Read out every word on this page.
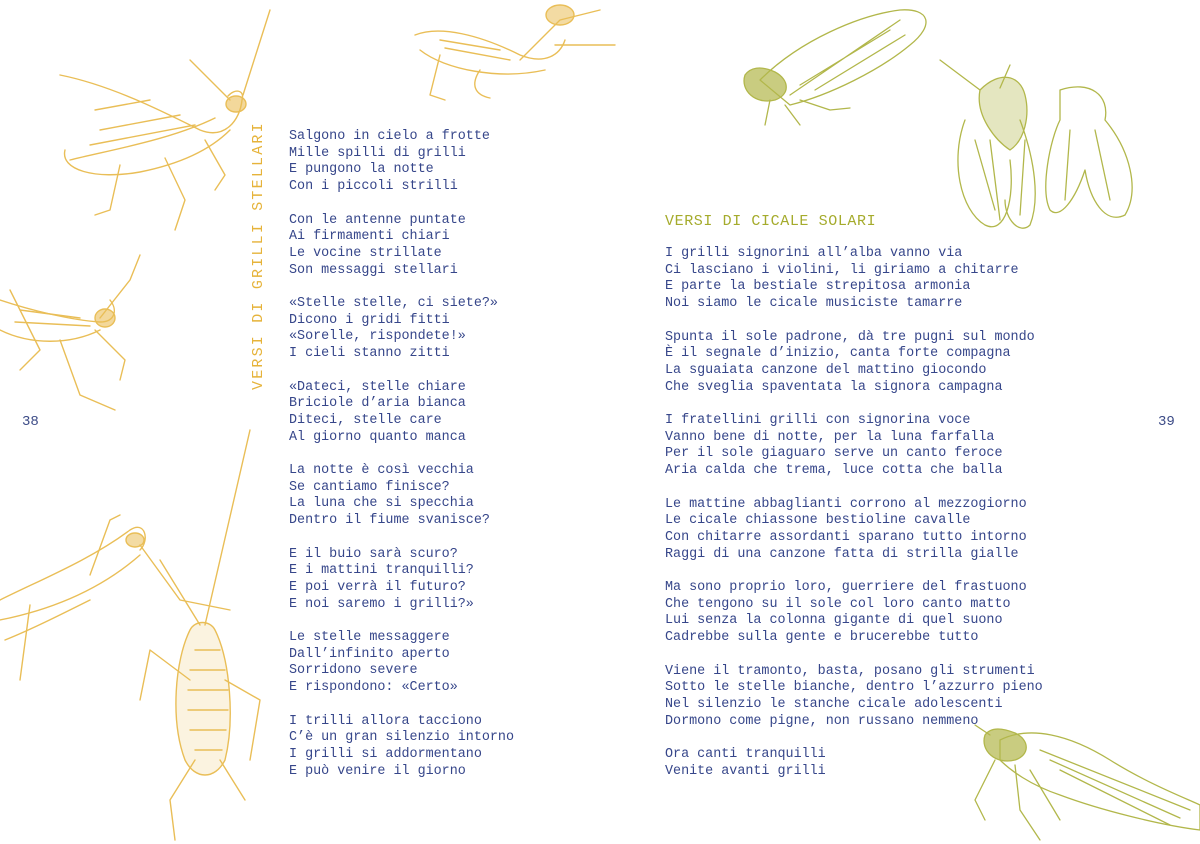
38	39
VERSI DI GRILLI STELLARI Salgono in cielo a frotte
Mille spilli di grilli
E pungono la notte
Con i piccoli strilli
Con le antenne puntate
Ai firmamenti chiari
Le vocine strillate
Son messaggi stellari
«Stelle stelle, ci siete?»
Dicono i gridi fitti
«Sorelle, rispondete!»
I cieli stanno zitti
«Dateci, stelle chiare
Briciole d’aria bianca
Diteci, stelle care
Al giorno quanto manca
La notte è così vecchia
Se cantiamo finisce?
La luna che si specchia
Dentro il fiume svanisce?
E il buio sarà scuro?
E i mattini tranquilli?
E poi verrà il futuro?
E noi saremo i grilli?»
Le stelle messaggere
Dall’infinito aperto
Sorridono severe
E rispondono: «Certo»
I trilli allora tacciono
C’è un gran silenzio intorno
I grilli si addormentano
E può venire il giorno
VERSI DI CICALE SOLARI
I grilli signorini all’alba vanno via
Ci lasciano i violini, li giriamo a chitarre
E parte la bestiale strepitosa armonia
Noi siamo le cicale musiciste tamarre
Spunta il sole padrone, dà tre pugni sul mondo
È il segnale d’inizio, canta forte compagna
La sguaiata canzone del mattino giocondo
Che sveglia spaventata la signora campagna
I fratellini grilli con signorina voce
Vanno bene di notte, per la luna farfalla
Per il sole giaguaro serve un canto feroce
Aria calda che trema, luce cotta che balla
Le mattine abbaglianti corrono al mezzogiorno
Le cicale chiassone bestioline cavalle
Con chitarre assordanti sparano tutto intorno
Raggi di una canzone fatta di strilla gialle
Ma sono proprio loro, guerriere del frastuono
Che tengono su il sole col loro canto matto
Lui senza la colonna gigante di quel suono
Cadrebbe sulla gente e brucerebbe tutto
Viene il tramonto, basta, posano gli strumenti
Sotto le stelle bianche, dentro l’azzurro pieno
Nel silenzio le stanche cicale adolescenti
Dormono come pigne, non russano nemmeno
Ora canti tranquilli
Venite avanti grilli
